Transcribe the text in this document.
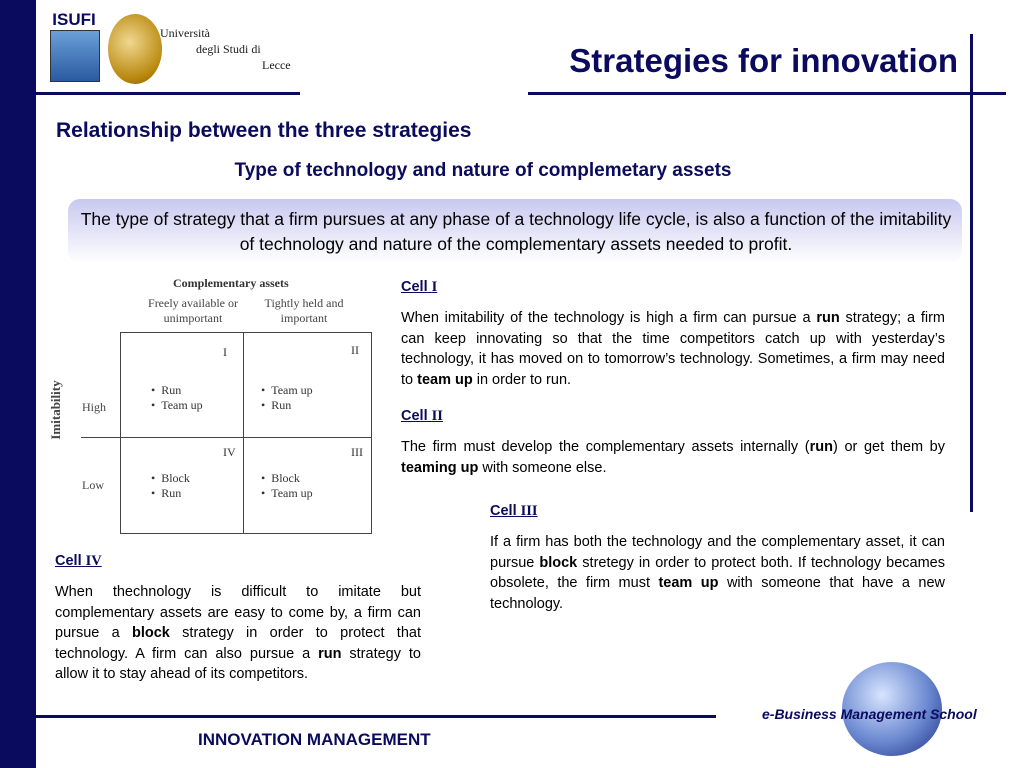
ISUFI
Università
degli Studi di
Lecce	Strategies for innovation
Relationship between the three strategies
Type of technology and nature of complemetary assets
The type of strategy that a firm pursues at any phase of a technology life cycle, is also a function of the imitability of technology and nature of the complementary assets needed to profit.
Complementary assets
Freely available or unimportant
Tightly held and important
I
•  Run
•  Team up
II
•  Team up
•  Run
IV
•  Block
•  Run
III
•  Block
•  Team up
High
Low
Imitability
Cell I
When imitability of the technology is high a firm can pursue a run strategy; a firm can keep innovating so that the time competitors catch up with yesterday’s technology, it has moved on to tomorrow’s technology. Sometimes, a firm may need to team up in order to run.
Cell II
The firm must develop the complementary assets internally (run) or get them by teaming up with someone else.
Cell III
If a firm has both the technology and the complementary asset, it can pursue block stretegy in order to protect both. If technology becames obsolete, the firm must team up with someone that have a new technology.
Cell IV
When thechnology is difficult to imitate but complementary assets are easy to come by, a firm can pursue a block strategy in order to protect that technology. A firm can also pursue a run strategy to allow it to stay ahead of its competitors.
INNOVATION MANAGEMENT
e-Business Management School
